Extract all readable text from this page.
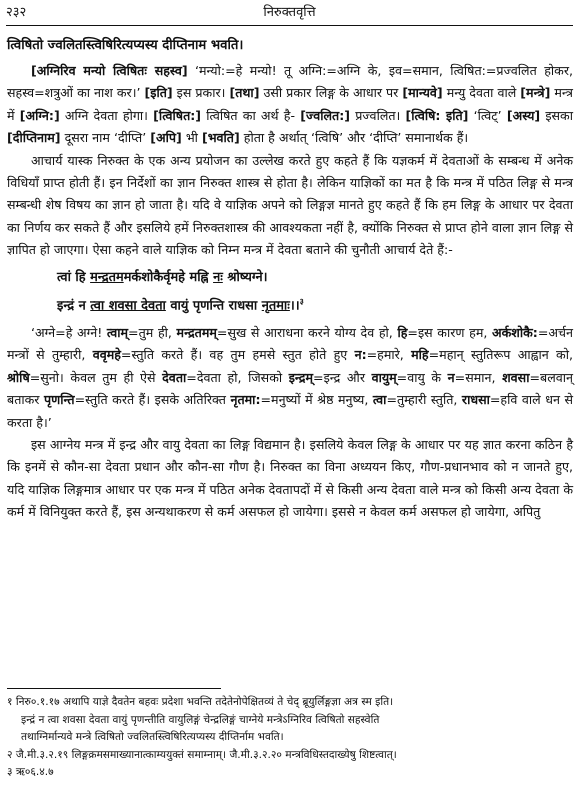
२३२	निरुक्तवृत्ति

त्विषितो ज्वलितस्त्विषिरित्यप्यस्य दीप्तिनाम भवति।

[अग्निरिव मन्यो त्विषितः सहस्व] ‘मन्यो:=हे मन्यो! तू अग्नि:=अग्नि के, इव=समान, त्विषित:=प्रज्वलित होकर, सहस्व=शत्रुओं का नाश कर।’ [इति] इस प्रकार। [तथा] उसी प्रकार लिङ्ग के आधार पर [मान्यवे] मन्यु देवता वाले [मन्त्रे] मन्त्र में [अग्नि:] अग्नि देवता होगा। [त्विषित:] त्विषित का अर्थ है- [ज्वलित:] प्रज्वलित। [त्विषि: इति] ‘त्विट्’ [अस्य] इसका [दीप्तिनाम] दूसरा नाम ‘दीप्ति’ [अपि] भी [भवति] होता है अर्थात् ‘त्विषि’ और ‘दीप्ति’ समानार्थक हैं।

आचार्य यास्क निरुक्त के एक अन्य प्रयोजन का उल्लेख करते हुए कहते हैं कि यज्ञकर्म में देवताओं के सम्बन्ध में अनेक विधियाँ प्राप्त होती हैं। इन निर्देशों का ज्ञान निरुक्त शास्त्र से होता है। लेकिन याज्ञिकों का मत है कि मन्त्र में पठित लिङ्ग से मन्त्र सम्बन्धी शेष विषय का ज्ञान हो जाता है। यदि वे याज्ञिक अपने को लिङ्गज्ञ मानते हुए कहते हैं कि हम लिङ्ग के आधार पर देवता का निर्णय कर सकते हैं और इसलिये हमें निरुक्तशास्त्र की आवश्यकता नहीं है, क्योंकि निरुक्त से प्राप्त होने वाला ज्ञान लिङ्ग से ज्ञापित हो जाएगा। ऐसा कहने वाले याज्ञिक को निम्न मन्त्र में देवता बताने की चुनौती आचार्य देते हैं:-

त्वां हि मन्द्रतममर्कशोकैर्वृमहे मह्नि नः श्रोष्यग्ने।

इन्द्रं न त्वा शवसा देवता वायुं पृणन्ति राधसा नृतमाः।।$^३$

‘अग्ने=हे अग्ने! त्वाम्=तुम ही, मन्द्रतमम्=सुख से आराधना करने योग्य देव हो, हि=इस कारण हम, अर्कशोकै:=अर्चन मन्त्रों से तुम्हारी, ववृमहे=स्तुति करते हैं। वह तुम हमसे स्तुत होते हुए न:=हमारे, महि=महान् स्तुतिरूप आह्वान को, श्रोषि=सुनो। केवल तुम ही ऐसे देवता=देवता हो, जिसको इन्द्रम्=इन्द्र और वायुम्=वायु के न=समान, शवसा=बलवान् बताकर पृणन्ति=स्तुति करते हैं। इसके अतिरिक्त नृतमा:=मनुष्यों में श्रेष्ठ मनुष्य, त्वा=तुम्हारी स्तुति, राधसा=हवि वाले धन से करता है।’

इस आग्नेय मन्त्र में इन्द्र और वायु देवता का लिङ्ग विद्यमान है। इसलिये केवल लिङ्ग के आधार पर यह ज्ञात करना कठिन है कि इनमें से कौन-सा देवता प्रधान और कौन-सा गौण है। निरुक्त का विना अध्ययन किए, गौण-प्रधानभाव को न जानते हुए, यदि याज्ञिक लिङ्गमात्र आधार पर एक मन्त्र में पठित अनेक देवतापदों में से किसी अन्य देवता वाले मन्त्र को किसी अन्य देवता के कर्म में विनियुक्त करते हैं, इस अन्यथाकरण से कर्म असफल हो जायेगा। इससे न केवल कर्म असफल हो जायेगा, अपितु

१ निरु०.१.१७ अथापि याज्ञे दैवतेन बहवः प्रदेशा भवन्ति तदेतेनोपेक्षितव्यं ते चेद् ब्रूयुर्लिङ्गज्ञा अत्र स्म इति।

इन्द्रं न त्वा शवसा देवता वायुं पृणन्तीति वायुलिङ्गं चेन्द्रलिङ्गं चाग्नेये मन्त्रेऽग्निरिव त्विषितो सहस्वेति

तथाग्निर्मान्यवे मन्त्रे त्विषितो ज्वलितस्त्विषिरित्यप्यस्य दीप्तिर्नाम भवति।

२ जै.मी.३.२.१९ लिङ्गक्रमसमाख्यानात्काम्ययुक्तं समाम्नाम्। जै.मी.३.२.२० मन्त्रविधिस्तदाख्येषु शिष्टत्वात्।

३ ऋ०६.४.७
